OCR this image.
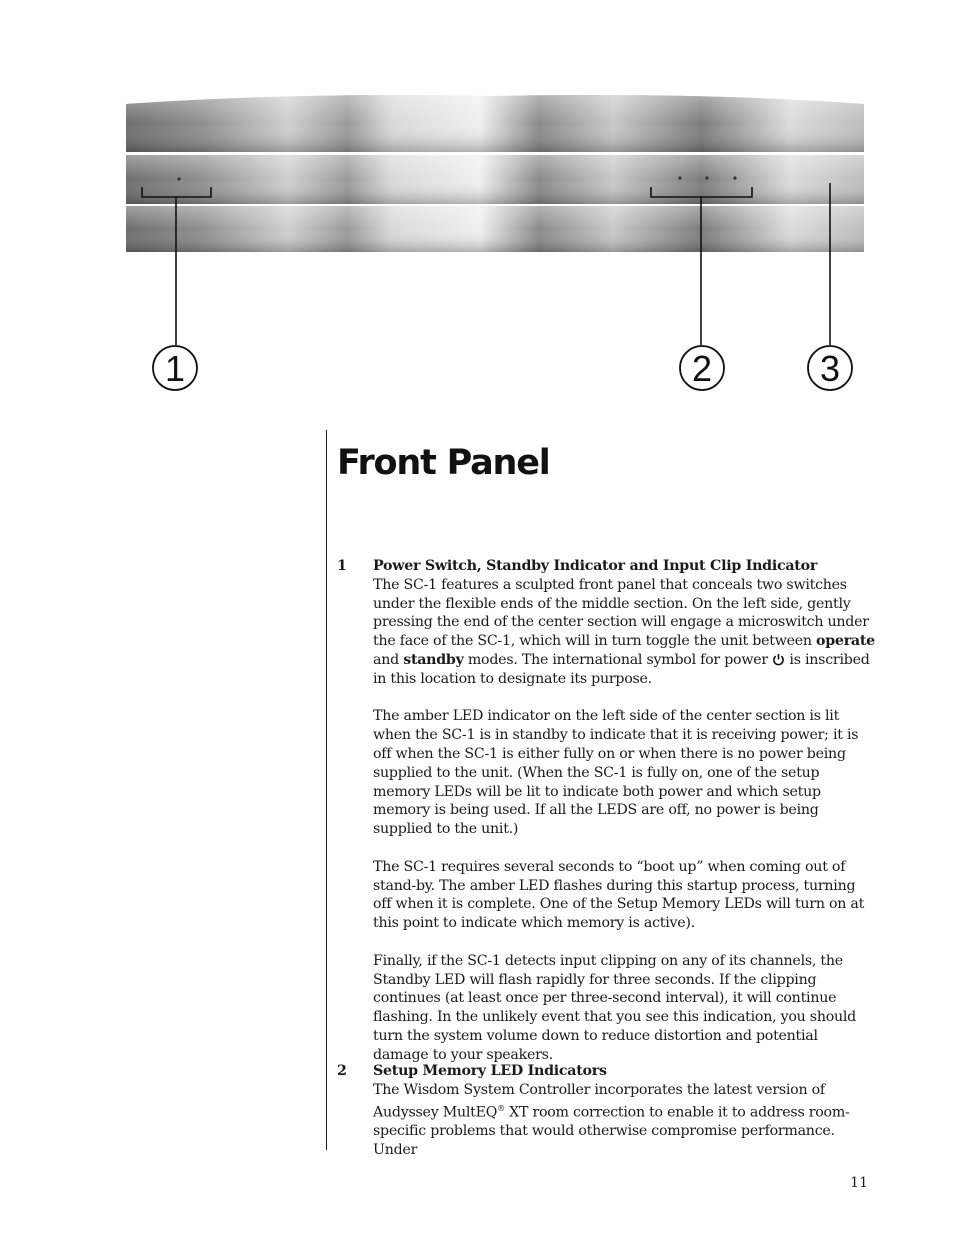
1	2	3
Front Panel
1 Power Switch, Standby Indicator and Input Clip Indicator

The SC-1 features a sculpted front panel that conceals two switches under the flexible ends of the middle section. On the left side, gently pressing the end of the center section will engage a microswitch under the face of the SC-1, which will in turn toggle the unit between operate and standby modes. The international symbol for power  is inscribed in this location to designate its purpose.

The amber LED indicator on the left side of the center section is lit when the SC-1 is in standby to indicate that it is receiving power; it is off when the SC-1 is either fully on or when there is no power being supplied to the unit. (When the SC-1 is fully on, one of the setup memory LEDs will be lit to indicate both power and which setup memory is being used. If all the LEDS are off, no power is being supplied to the unit.)

The SC-1 requires several seconds to “boot up” when coming out of stand-by. The amber LED flashes during this startup process, turning off when it is complete. One of the Setup Memory LEDs will turn on at this point to indicate which memory is active).

Finally, if the SC-1 detects input clipping on any of its channels, the Standby LED will flash rapidly for three seconds. If the clipping continues (at least once per three-second interval), it will continue flashing. In the unlikely event that you see this indication, you should turn the system volume down to reduce distortion and potential damage to your speakers.

2 Setup Memory LED Indicators

The Wisdom System Controller incorporates the latest version of Audyssey MultEQ® XT room correction to enable it to address room-specific problems that would otherwise compromise performance. Under

11
